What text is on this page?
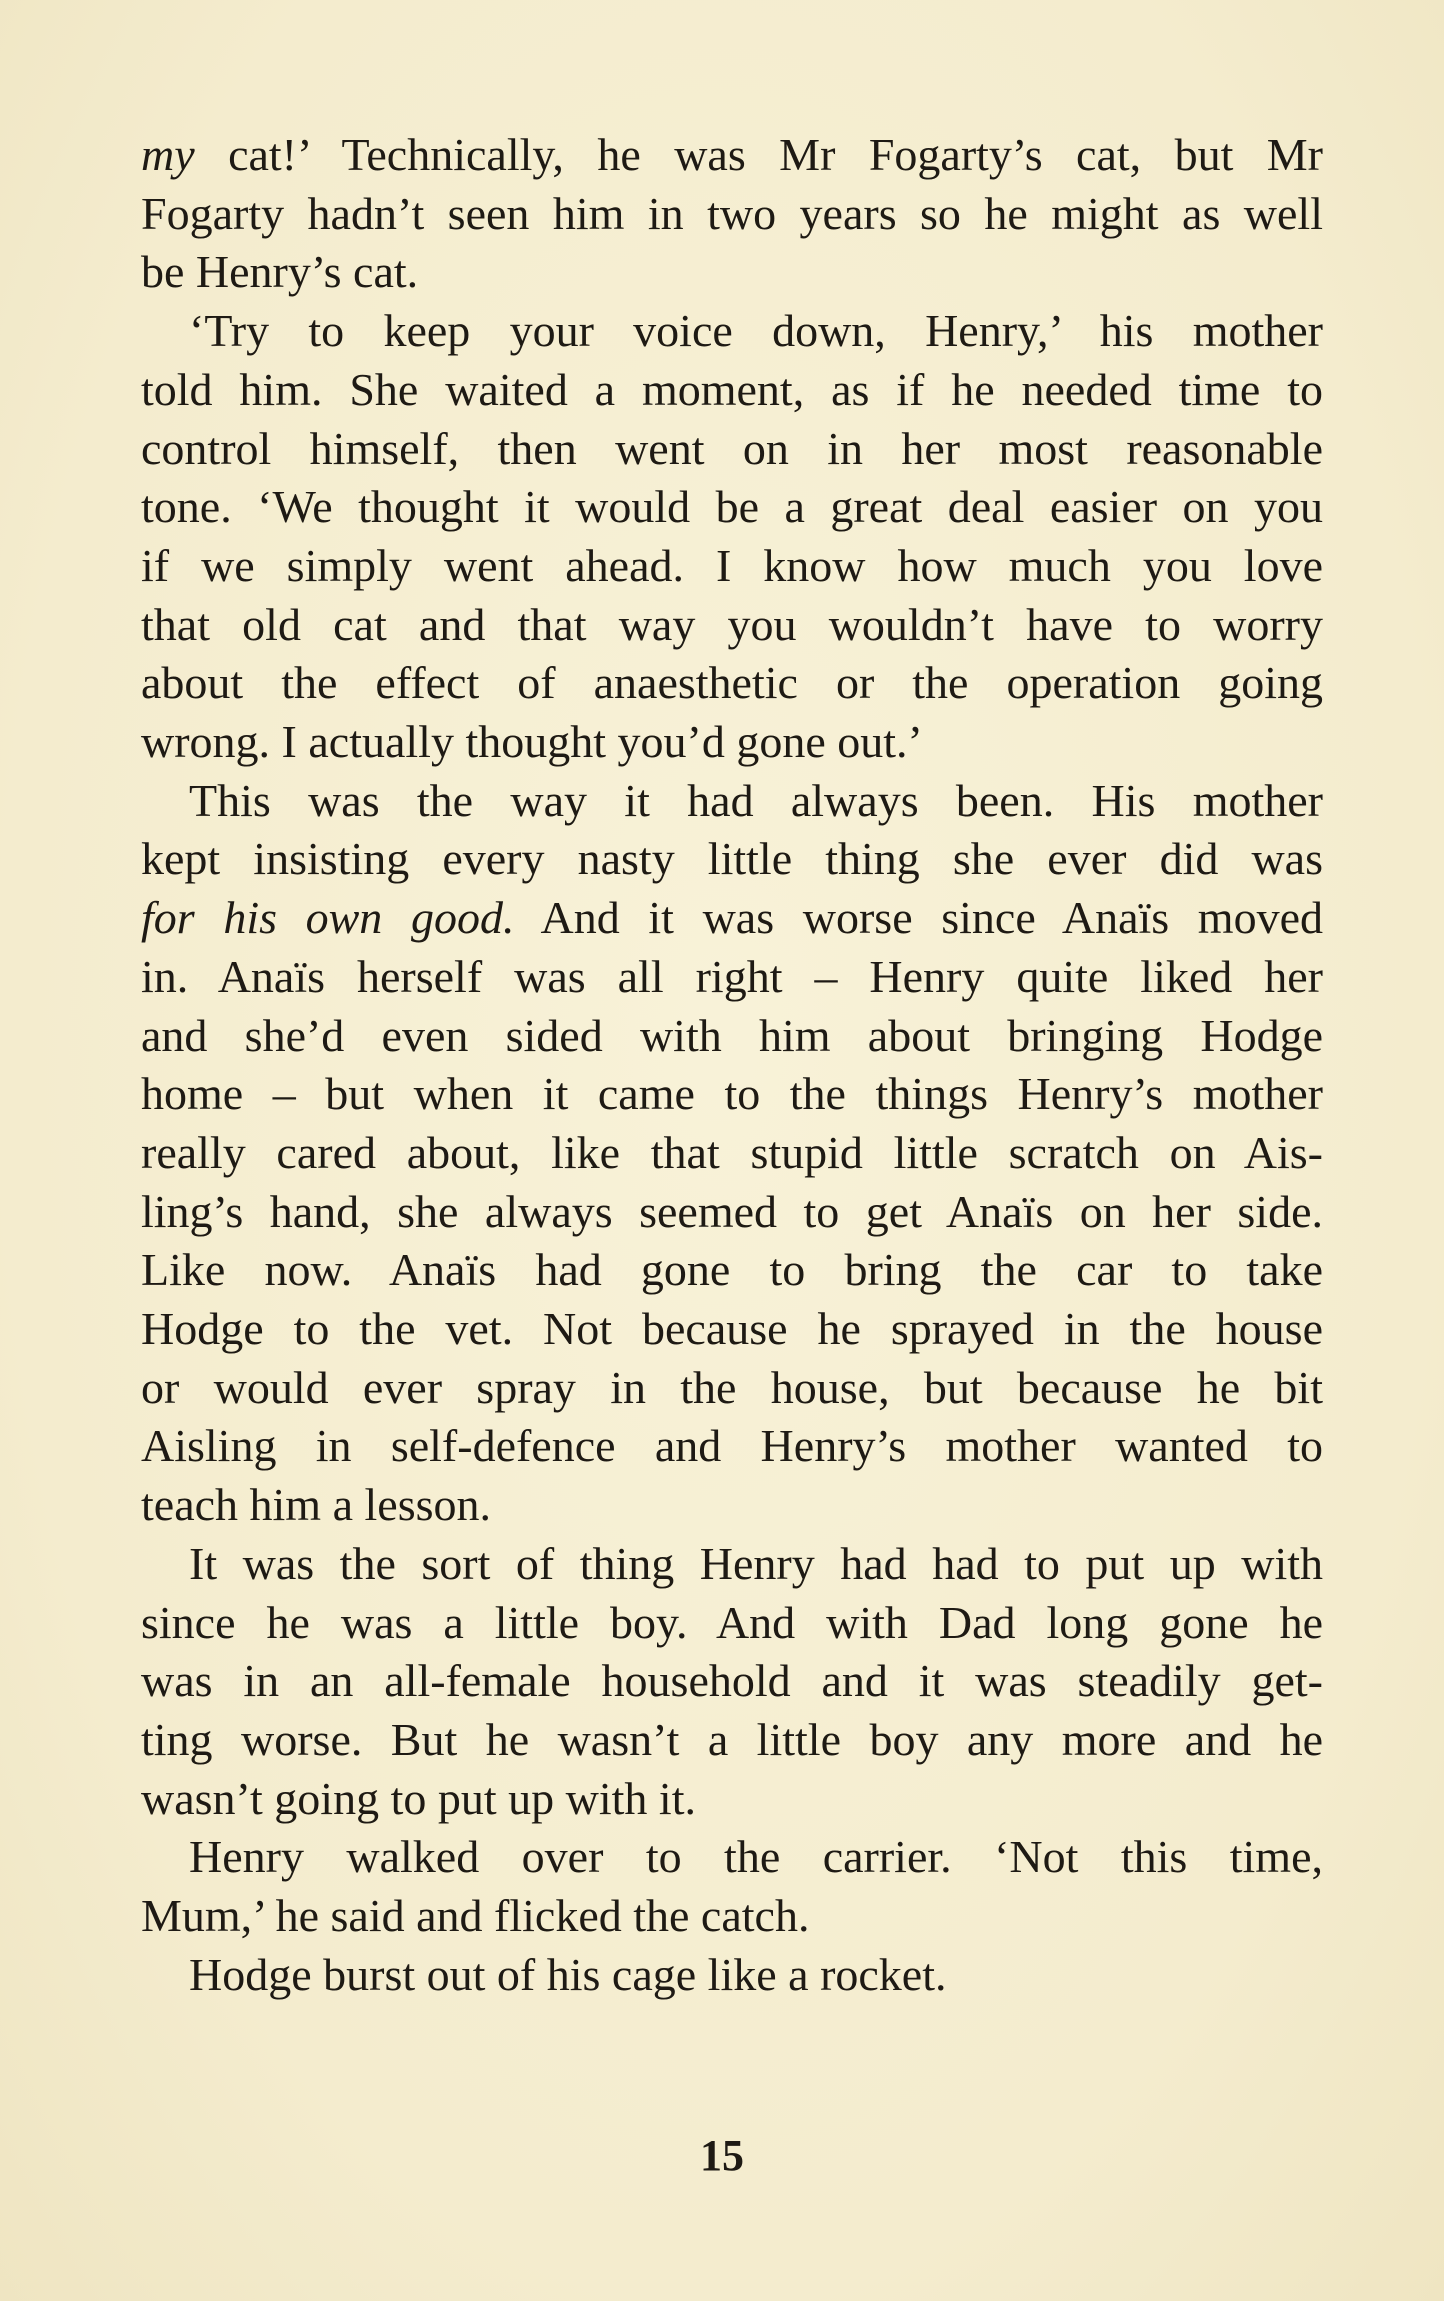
my cat!’ Technically, he was Mr Fogarty’s cat, but Mr
Fogarty hadn’t seen him in two years so he might as well
be Henry’s cat.
‘Try to keep your voice down, Henry,’ his mother
told him. She waited a moment, as if he needed time to
control himself, then went on in her most reasonable
tone. ‘We thought it would be a great deal easier on you
if we simply went ahead. I know how much you love
that old cat and that way you wouldn’t have to worry
about the effect of anaesthetic or the operation going
wrong. I actually thought you’d gone out.’
This was the way it had always been. His mother
kept insisting every nasty little thing she ever did was
for his own good. And it was worse since Anaïs moved
in. Anaïs herself was all right – Henry quite liked her
and she’d even sided with him about bringing Hodge
home – but when it came to the things Henry’s mother
really cared about, like that stupid little scratch on Ais-
ling’s hand, she always seemed to get Anaïs on her side.
Like now. Anaïs had gone to bring the car to take
Hodge to the vet. Not because he sprayed in the house
or would ever spray in the house, but because he bit
Aisling in self-defence and Henry’s mother wanted to
teach him a lesson.
It was the sort of thing Henry had had to put up with
since he was a little boy. And with Dad long gone he
was in an all-female household and it was steadily get-
ting worse. But he wasn’t a little boy any more and he
wasn’t going to put up with it.
Henry walked over to the carrier. ‘Not this time,
Mum,’ he said and flicked the catch.
Hodge burst out of his cage like a rocket.
15
